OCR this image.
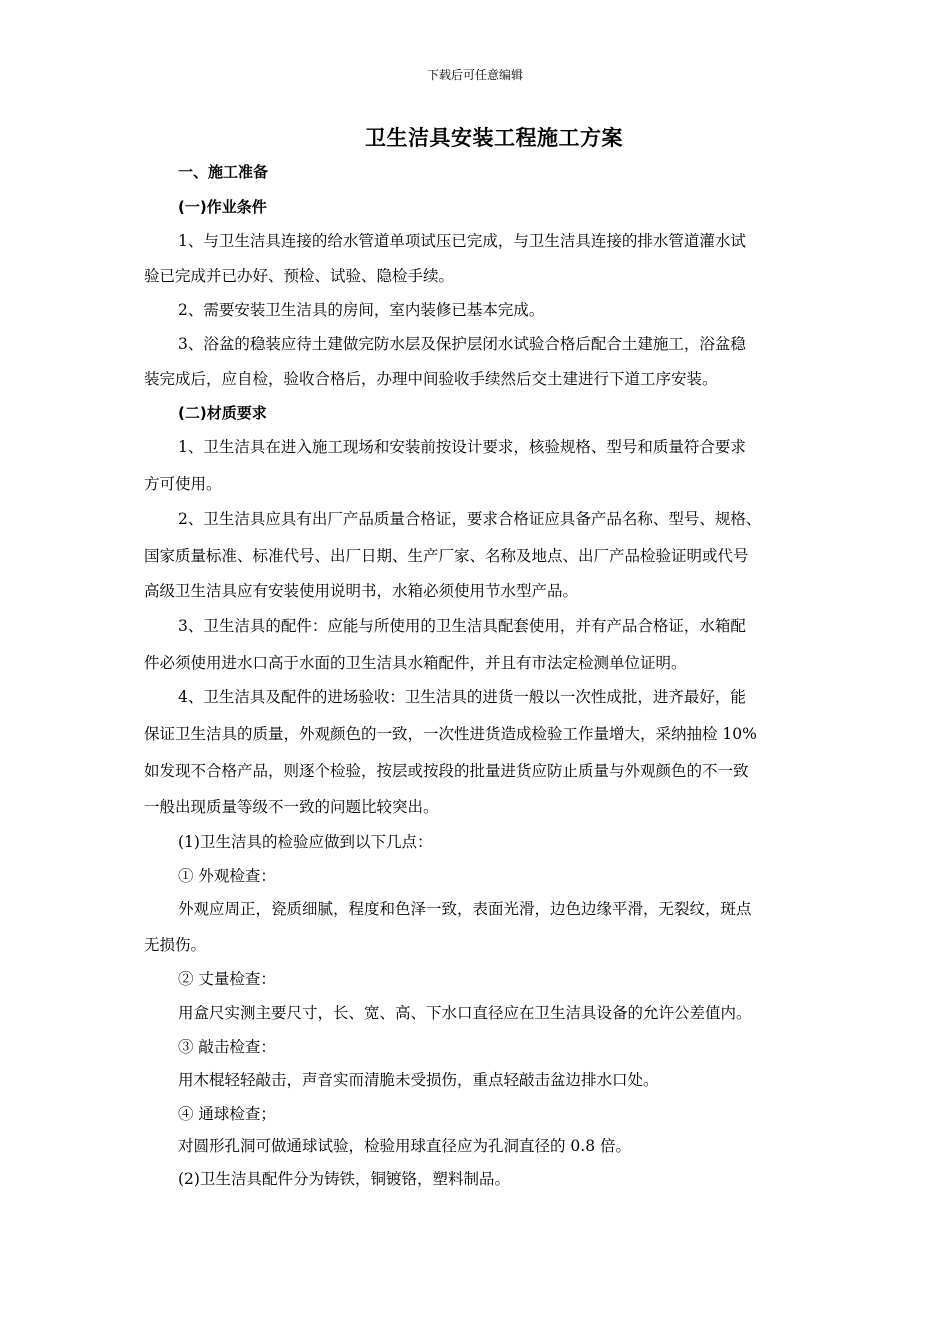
下载后可任意编辑
卫生洁具安装工程施工方案

一、施工准备

(一)作业条件

1、与卫生洁具连接的给水管道单项试压已完成，与卫生洁具连接的排水管道灌水试

验已完成并已办好、预检、试验、隐检手续。

2、需要安装卫生洁具的房间，室内装修已基本完成。

3、浴盆的稳装应待土建做完防水层及保护层闭水试验合格后配合土建施工，浴盆稳

装完成后，应自检，验收合格后，办理中间验收手续然后交土建进行下道工序安装。

(二)材质要求

1、卫生洁具在进入施工现场和安装前按设计要求，核验规格、型号和质量符合要求

方可使用。

2、卫生洁具应具有出厂产品质量合格证，要求合格证应具备产品名称、型号、规格、

国家质量标准、标准代号、出厂日期、生产厂家、名称及地点、出厂产品检验证明或代号

高级卫生洁具应有安装使用说明书，水箱必须使用节水型产品。

3、卫生洁具的配件：应能与所使用的卫生洁具配套使用，并有产品合格证，水箱配

件必须使用进水口高于水面的卫生洁具水箱配件，并且有市法定检测单位证明。

4、卫生洁具及配件的进场验收：卫生洁具的进货一般以一次性成批，进齐最好，能

保证卫生洁具的质量，外观颜色的一致，一次性进货造成检验工作量增大，采纳抽检 10%

如发现不合格产品，则逐个检验，按层或按段的批量进货应防止质量与外观颜色的不一致

一般出现质量等级不一致的问题比较突出。

(1)卫生洁具的检验应做到以下几点：

① 外观检查：

外观应周正，瓷质细腻，程度和色泽一致，表面光滑，边色边缘平滑，无裂纹，斑点

无损伤。

② 丈量检查：

用盒尺实测主要尺寸，长、宽、高、下水口直径应在卫生洁具设备的允许公差值内。

③ 敲击检查：

用木棍轻轻敲击，声音实而清脆未受损伤，重点轻敲击盆边排水口处。

④ 通球检查；

对圆形孔洞可做通球试验，检验用球直径应为孔洞直径的 0.8 倍。

(2)卫生洁具配件分为铸铁，铜镀铬，塑料制品。
